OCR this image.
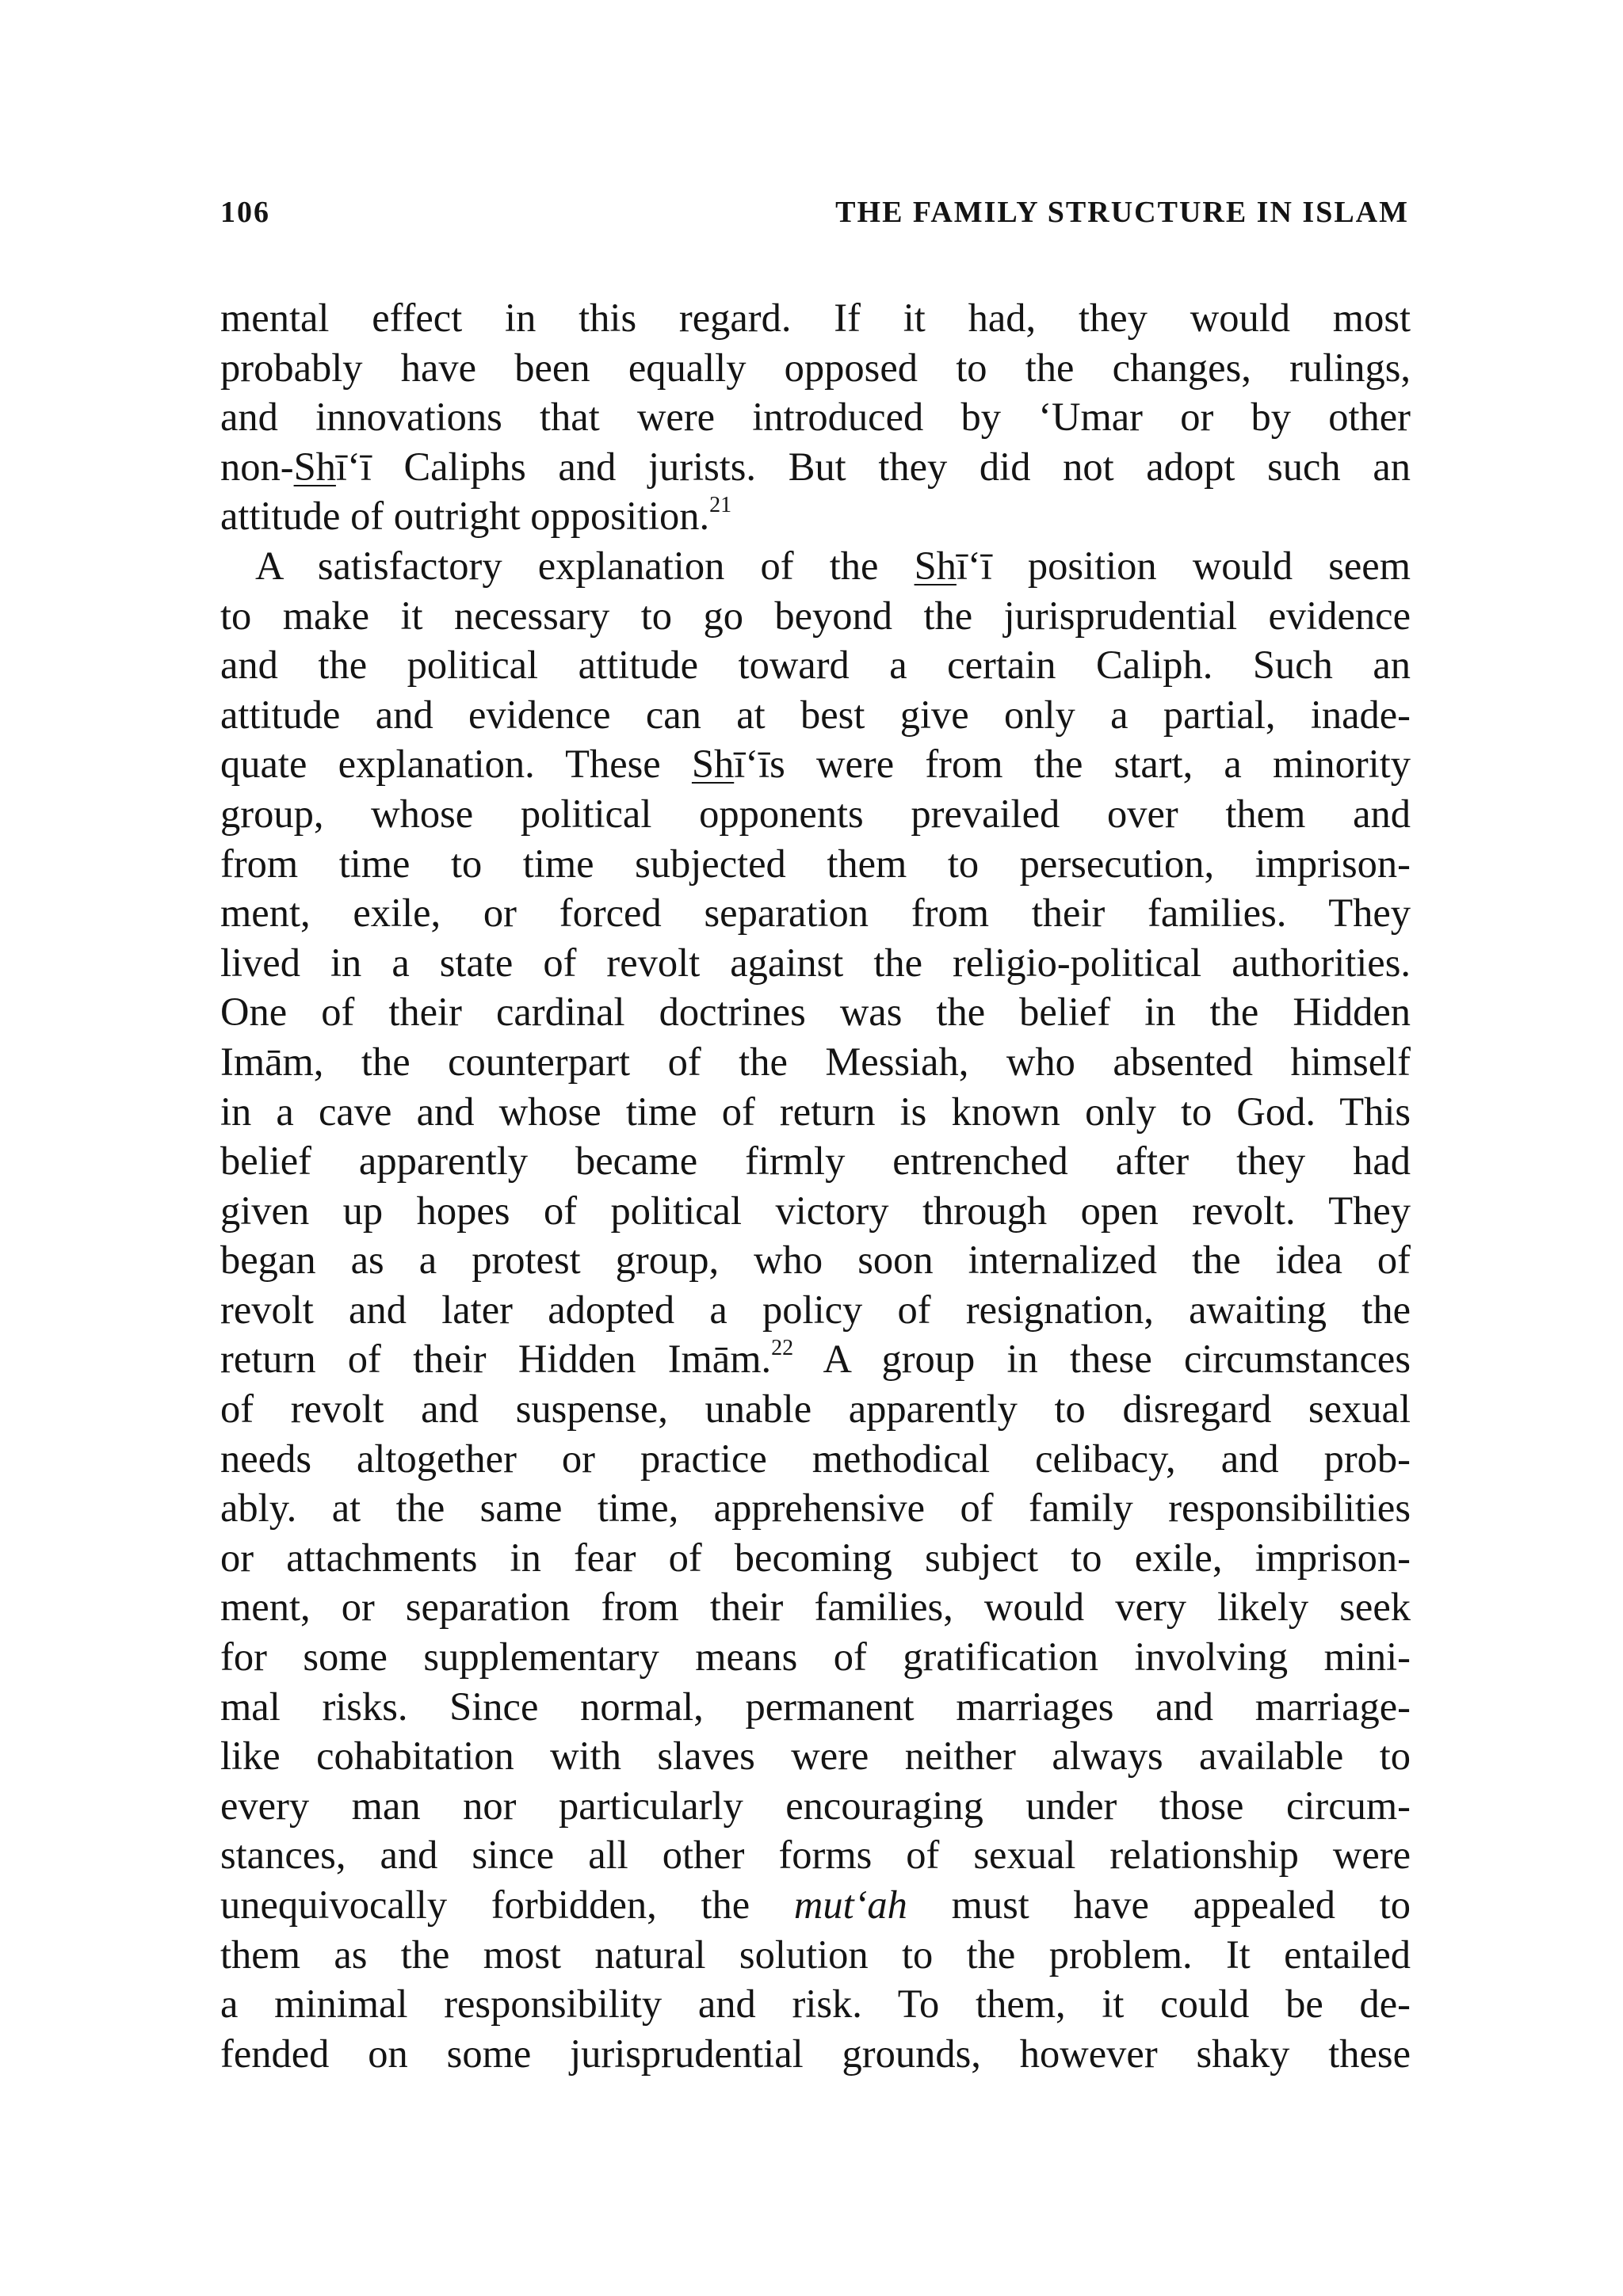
106	THE FAMILY STRUCTURE IN ISLAM
mental effect in this regard. If it had, they would most
probably have been equally opposed to the changes, rulings,
and innovations that were introduced by ‘Umar or by other
non-Shī‘ī Caliphs and jurists. But they did not adopt such an
attitude of outright opposition.$^{21}$
A satisfactory explanation of the Shī‘ī position would seem
to make it necessary to go beyond the jurisprudential evidence
and the political attitude toward a certain Caliph. Such an
attitude and evidence can at best give only a partial, inade-
quate explanation. These Shī‘īs were from the start, a minority
group, whose political opponents prevailed over them and
from time to time subjected them to persecution, imprison-
ment, exile, or forced separation from their families. They
lived in a state of revolt against the religio-political authorities.
One of their cardinal doctrines was the belief in the Hidden
Imām, the counterpart of the Messiah, who absented himself
in a cave and whose time of return is known only to God. This
belief apparently became firmly entrenched after they had
given up hopes of political victory through open revolt. They
began as a protest group, who soon internalized the idea of
revolt and later adopted a policy of resignation, awaiting the
return of their Hidden Imām.$^{22}$ A group in these circumstances
of revolt and suspense, unable apparently to disregard sexual
needs altogether or practice methodical celibacy, and prob-
ably. at the same time, apprehensive of family responsibilities
or attachments in fear of becoming subject to exile, imprison-
ment, or separation from their families, would very likely seek
for some supplementary means of gratification involving mini-
mal risks. Since normal, permanent marriages and marriage-
like cohabitation with slaves were neither always available to
every man nor particularly encouraging under those circum-
stances, and since all other forms of sexual relationship were
unequivocally forbidden, the mut‘ah must have appealed to
them as the most natural solution to the problem. It entailed
a minimal responsibility and risk. To them, it could be de-
fended on some jurisprudential grounds, however shaky these
